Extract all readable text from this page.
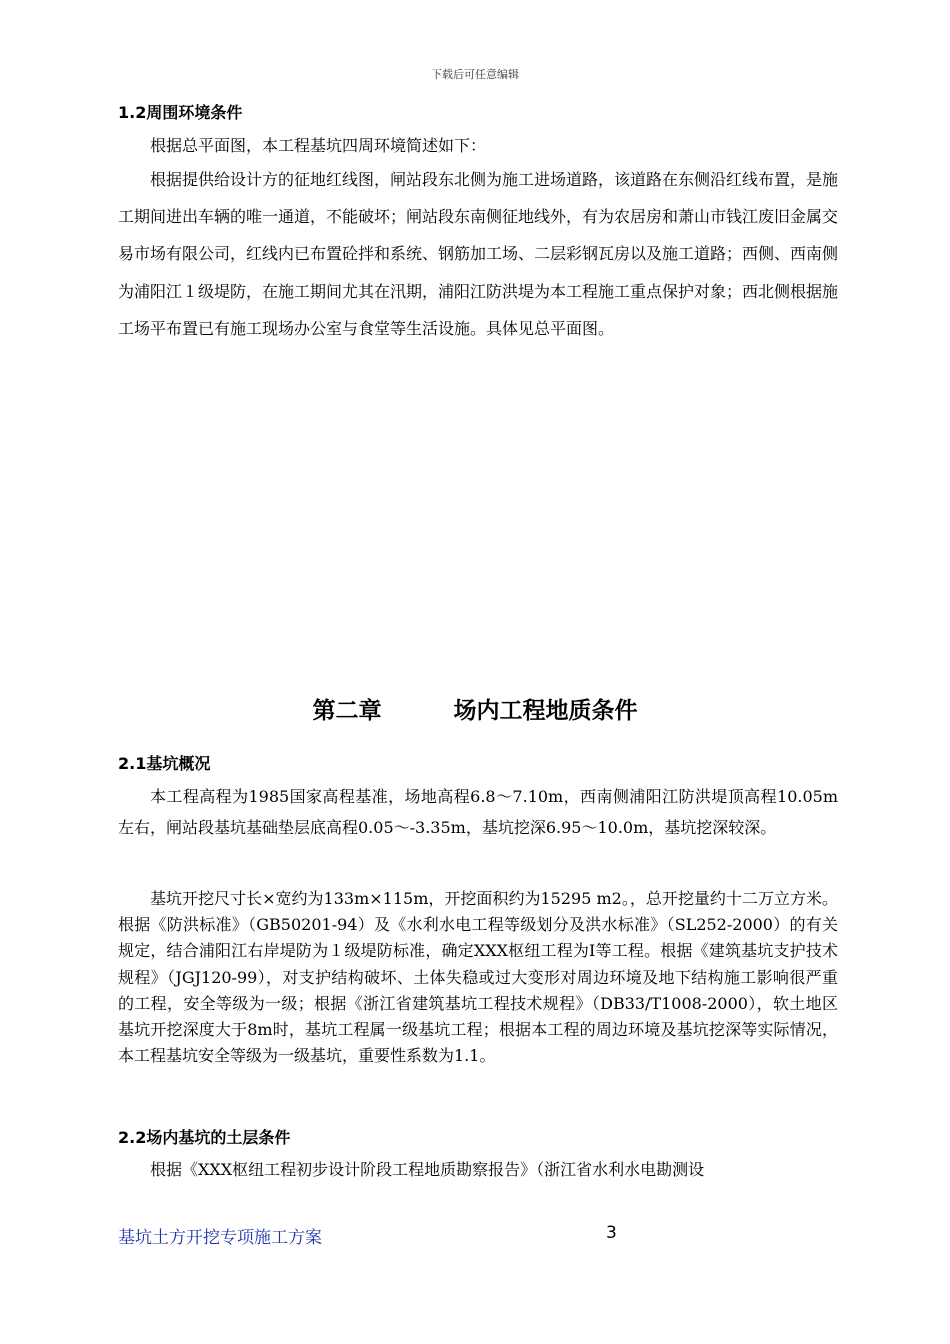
下载后可任意编辑
1.2周围环境条件
根据总平面图，本工程基坑四周环境简述如下：
根据提供给设计方的征地红线图，闸站段东北侧为施工进场道路，该道路在东侧沿红线布置，是施工期间进出车辆的唯一通道，不能破坏；闸站段东南侧征地线外，有为农居房和萧山市钱江废旧金属交易市场有限公司，红线内已布置砼拌和系统、钢筋加工场、二层彩钢瓦房以及施工道路；西侧、西南侧为浦阳江１级堤防，在施工期间尤其在汛期，浦阳江防洪堤为本工程施工重点保护对象；西北侧根据施工场平布置已有施工现场办公室与食堂等生活设施。具体见总平面图。
第二章	场内工程地质条件
2.1基坑概况
本工程高程为1985国家高程基准，场地高程6.8～7.10m，西南侧浦阳江防洪堤顶高程10.05m左右，闸站段基坑基础垫层底高程0.05～-3.35m，基坑挖深6.95～10.0m，基坑挖深较深。
基坑开挖尺寸长×宽约为133m×115m，开挖面积约为15295 m2。，总开挖量约十二万立方米。根据《防洪标准》（GB50201-94）及《水利水电工程等级划分及洪水标准》（SL252-2000）的有关规定，结合浦阳江右岸堤防为１级堤防标准，确定XXX枢纽工程为Ⅰ等工程。根据《建筑基坑支护技术规程》（JGJ120-99），对支护结构破坏、土体失稳或过大变形对周边环境及地下结构施工影响很严重的工程，安全等级为一级；根据《浙江省建筑基坑工程技术规程》（DB33/T1008-2000），软土地区基坑开挖深度大于8m时，基坑工程属一级基坑工程；根据本工程的周边环境及基坑挖深等实际情况，本工程基坑安全等级为一级基坑，重要性系数为1.1。
2.2场内基坑的土层条件
根据《XXX枢纽工程初步设计阶段工程地质勘察报告》（浙江省水利水电勘测设
基坑土方开挖专项施工方案	3
